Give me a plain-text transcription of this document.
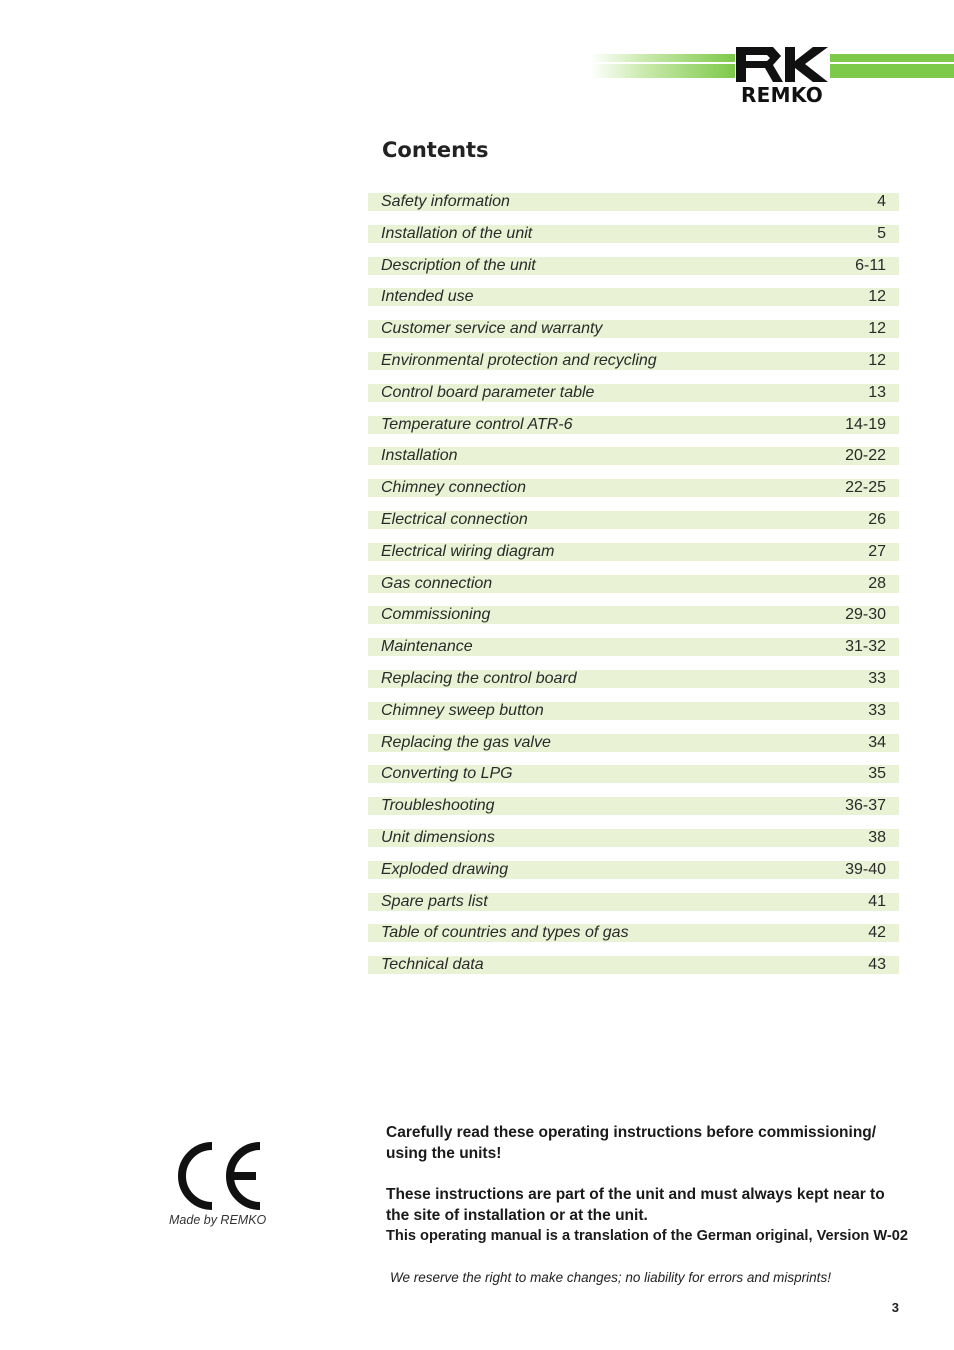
REMKO
Contents
Safety information	4
Installation of the unit	5
Description of the unit	6-11
Intended use	12
Customer service and warranty	12
Environmental protection and recycling	12
Control board parameter table	13
Temperature control ATR-6	14-19
Installation	20-22
Chimney connection	22-25
Electrical connection	26
Electrical wiring diagram	27
Gas connection	28
Commissioning	29-30
Maintenance	31-32
Replacing the control board	33
Chimney sweep button	33
Replacing the gas valve	34
Converting to LPG	35
Troubleshooting	36-37
Unit dimensions	38
Exploded drawing	39-40
Spare parts list	41
Table of countries and types of gas	42
Technical data	43
Made by REMKO

Carefully read these operating instructions before commissioning/ using the units!

These instructions are part of the unit and must always kept near to the site of installation or at the unit.

This operating manual is a translation of the German original, Version W-02

We reserve the right to make changes; no liability for errors and misprints!
3
